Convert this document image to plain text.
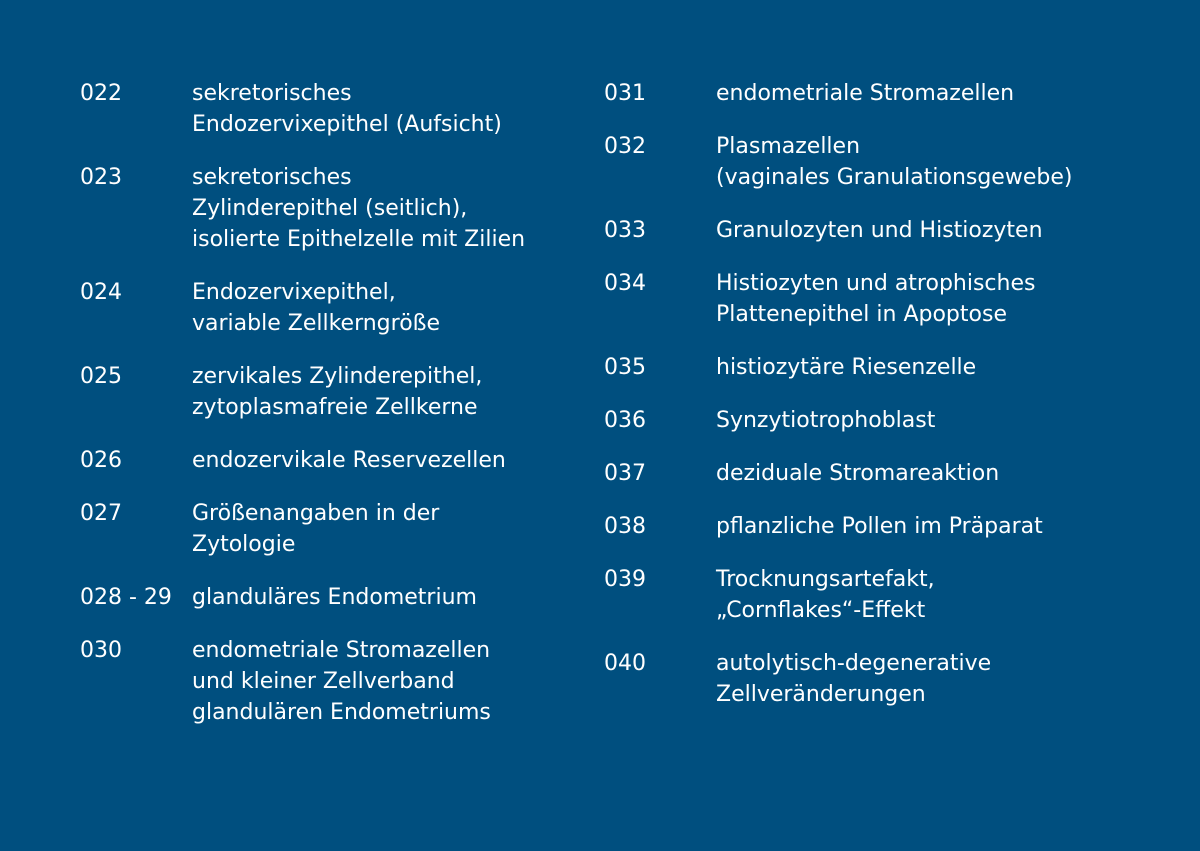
022	sekretorisches
Endozervixepithel (Aufsicht)
023	sekretorisches
Zylinderepithel (seitlich),
isolierte Epithelzelle mit Zilien
024	Endozervixepithel,
variable Zellkerngröße
025	zervikales Zylinderepithel,
zytoplasmafreie Zellkerne
026	endozervikale Reservezellen
027	Größenangaben in der
Zytologie
028 - 29 glanduläres Endometrium
030	endometriale Stromazellen
und kleiner Zellverband
glandulären Endometriums
031	endometriale Stromazellen
032	Plasmazellen
(vaginales Granulationsgewebe)
033	Granulozyten und Histiozyten
034	Histiozyten und atrophisches
Plattenepithel in Apoptose
035	histiozytäre Riesenzelle
036	Synzytiotrophoblast
037	deziduale Stromareaktion
038	pflanzliche Pollen im Präparat
039	Trocknungsartefakt,
„Cornflakes“-Effekt
040	autolytisch-degenerative
Zellveränderungen
